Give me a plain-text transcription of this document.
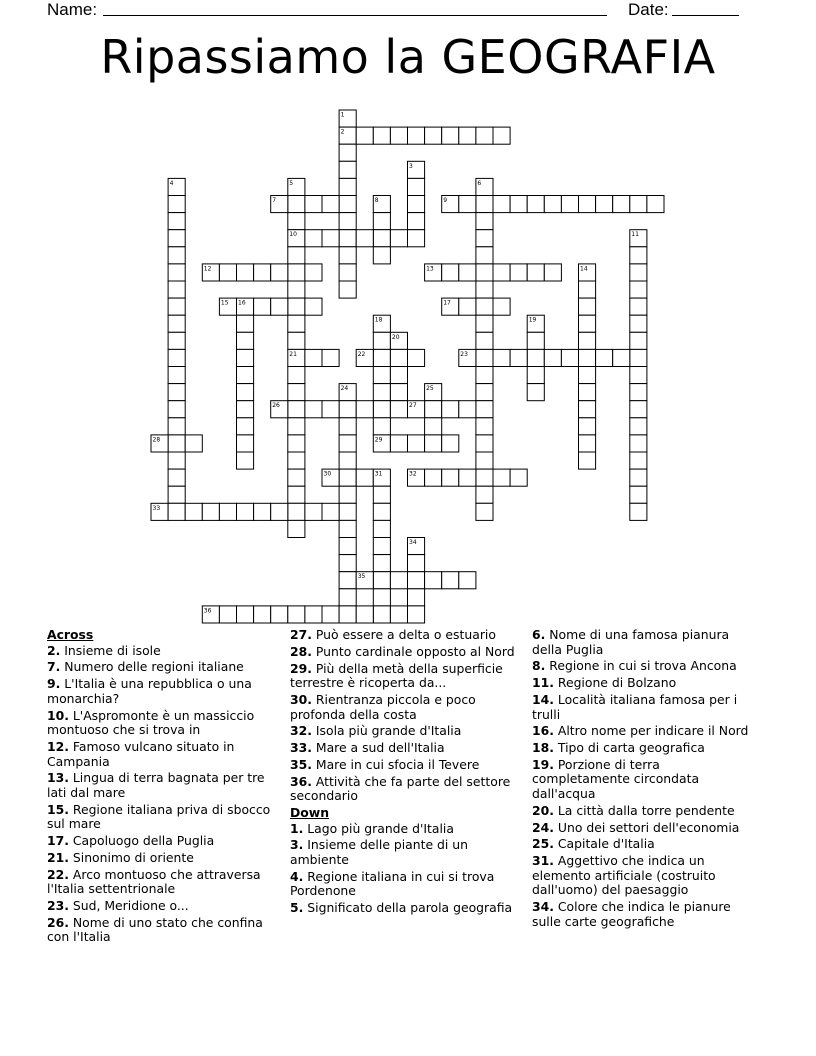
Name:	Date:
Ripassiamo la GEOGRAFIA
1
2
3
4	5	6
7	8	9
10	11
12	13	14
15 16	17
18	19
20
21	22	23
24	25
26	27
28	29
30	31	32
33
34
35
36
Across
2. Insieme di isole
7. Numero delle regioni italiane
9. L'Italia è una repubblica o una monarchia?
10. L'Aspromonte è un massiccio montuoso che si trova in
12. Famoso vulcano situato in Campania
13. Lingua di terra bagnata per tre lati dal mare
15. Regione italiana priva di sbocco sul mare
17. Capoluogo della Puglia
21. Sinonimo di oriente
22. Arco montuoso che attraversa l'Italia settentrionale
23. Sud, Meridione o...
26. Nome di uno stato che confina con l'Italia
27. Può essere a delta o estuario
28. Punto cardinale opposto al Nord
29. Più della metà della superficie terrestre è ricoperta da...
30. Rientranza piccola e poco profonda della costa
32. Isola più grande d'Italia
33. Mare a sud dell'Italia
35. Mare in cui sfocia il Tevere
36. Attività che fa parte del settore secondario
Down
1. Lago più grande d'Italia
3. Insieme delle piante di un ambiente
4. Regione italiana in cui si trova Pordenone
5. Significato della parola geografia
6. Nome di una famosa pianura della Puglia
8. Regione in cui si trova Ancona
11. Regione di Bolzano
14. Località italiana famosa per i trulli
16. Altro nome per indicare il Nord
18. Tipo di carta geografica
19. Porzione di terra completamente circondata dall'acqua
20. La città dalla torre pendente
24. Uno dei settori dell'economia
25. Capitale d'Italia
31. Aggettivo che indica un elemento artificiale (costruito dall'uomo) del paesaggio
34. Colore che indica le pianure sulle carte geografiche
